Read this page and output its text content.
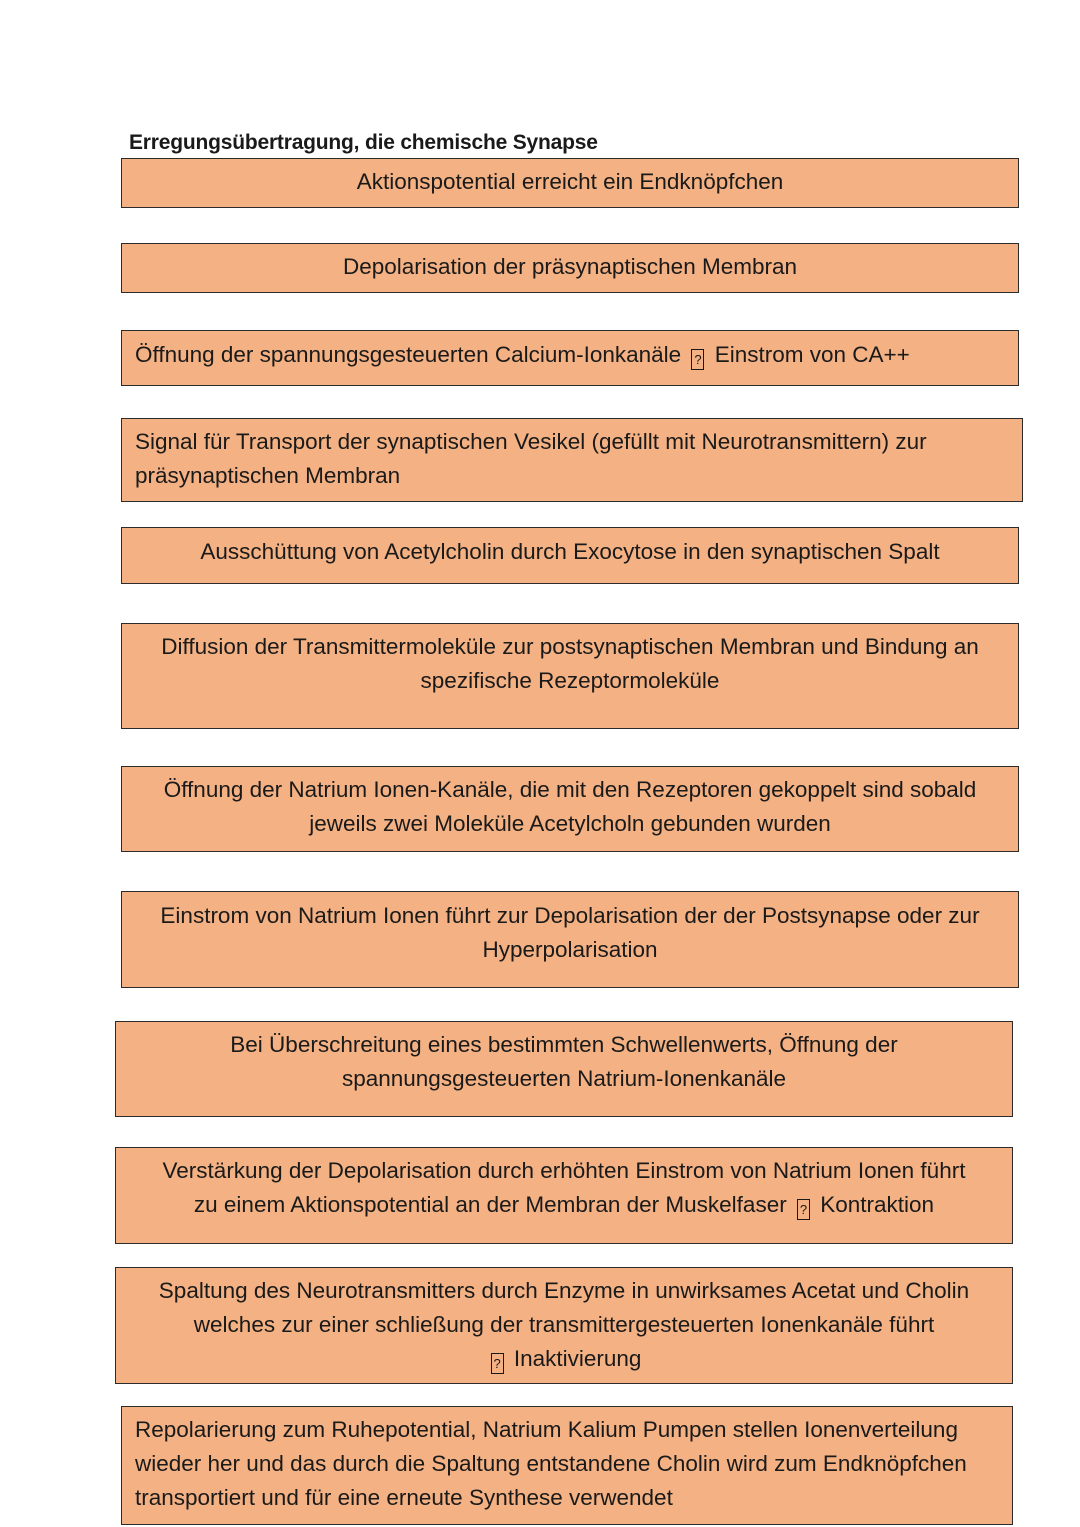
Erregungsübertragung, die chemische Synapse
Aktionspotential erreicht ein Endknöpfchen
Depolarisation der präsynaptischen Membran
Öffnung der spannungsgesteuerten Calcium-Ionkanäle ? Einstrom von CA++
Signal für Transport der synaptischen Vesikel (gefüllt mit Neurotransmittern) zur
präsynaptischen Membran
Ausschüttung von Acetylcholin durch Exocytose in den synaptischen Spalt
Diffusion der Transmittermoleküle zur postsynaptischen Membran und Bindung an
spezifische Rezeptormoleküle
Öffnung der Natrium Ionen-Kanäle, die mit den Rezeptoren gekoppelt sind sobald
jeweils zwei Moleküle Acetylcholn gebunden wurden
Einstrom von Natrium Ionen führt zur Depolarisation der der Postsynapse oder zur
Hyperpolarisation
Bei Überschreitung eines bestimmten Schwellenwerts, Öffnung der
spannungsgesteuerten Natrium-Ionenkanäle
Verstärkung der Depolarisation durch erhöhten Einstrom von Natrium Ionen führt
zu einem Aktionspotential an der Membran der Muskelfaser ? Kontraktion
Spaltung des Neurotransmitters durch Enzyme in unwirksames Acetat und Cholin
welches zur einer schließung der transmittergesteuerten Ionenkanäle führt
? Inaktivierung
Repolarierung zum Ruhepotential, Natrium Kalium Pumpen stellen Ionenverteilung
wieder her und das durch die Spaltung entstandene Cholin wird zum Endknöpfchen
transportiert und für eine erneute Synthese verwendet
